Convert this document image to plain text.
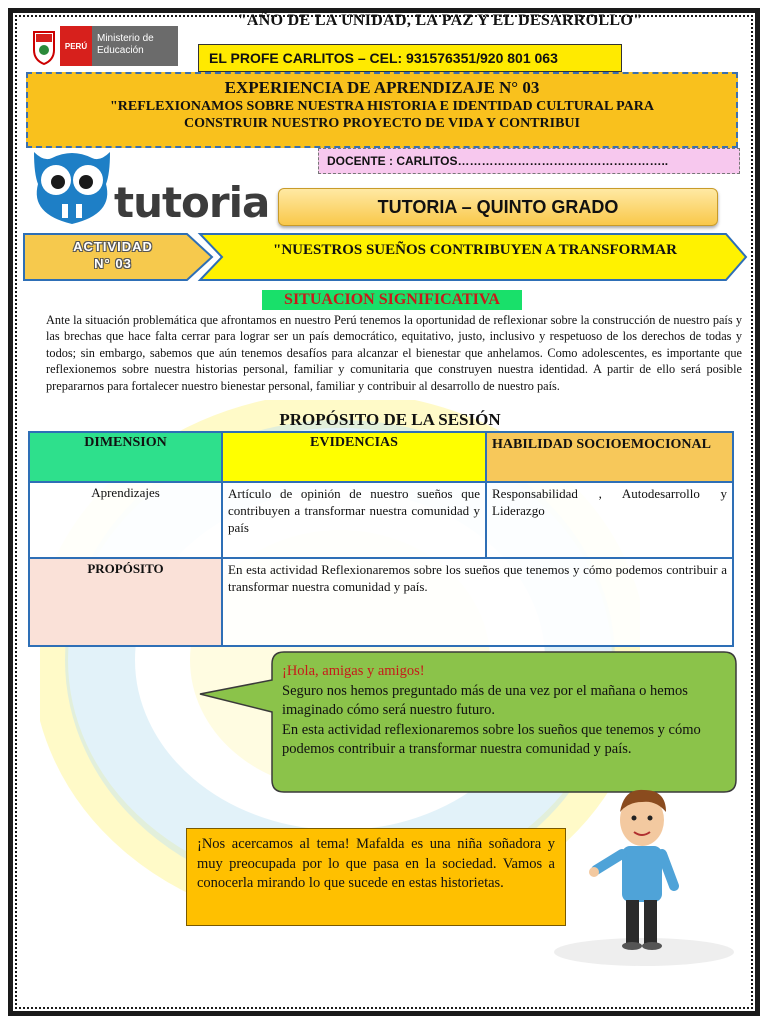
"AÑO DE LA UNIDAD, LA PAZ Y EL DESARROLLO"
PERÚ
Ministerio de Educación	EL PROFE CARLITOS – CEL: 931576351/920 801 063
EXPERIENCIA DE APRENDIZAJE N° 03
"REFLEXIONAMOS SOBRE NUESTRA HISTORIA E IDENTIDAD CULTURAL PARA
CONSTRUIR NUESTRO PROYECTO DE VIDA Y CONTRIBUI
DOCENTE : CARLITOS……………………………………………..
tutoria	TUTORIA – QUINTO GRADO
ACTIVIDAD
N° 03
"NUESTROS SUEÑOS CONTRIBUYEN A TRANSFORMAR
SITUACION SIGNIFICATIVA
Ante la situación problemática que afrontamos en nuestro Perú tenemos la oportunidad de reflexionar sobre la construcción de nuestro país y las brechas que hace falta cerrar para lograr ser un país democrático, equitativo, justo, inclusivo y respetuoso de los derechos de todas y todos; sin embargo, sabemos que aún tenemos desafíos para alcanzar el bienestar que anhelamos. Como adolescentes, es importante que reflexionemos sobre nuestra historias personal, familiar y comunitaria que construyen nuestra identidad. A partir de ello será posible prepararnos para fortalecer nuestro bienestar personal, familiar y contribuir al desarrollo de nuestro país.
PROPÓSITO DE LA SESIÓN
DIMENSION	EVIDENCIAS	HABILIDAD SOCIOEMOCIONAL
Aprendizajes	Artículo de opinión de nuestro sueños que contribuyen a transformar nuestra comunidad y país	Responsabilidad , Autodesarrollo y Liderazgo
PROPÓSITO	En esta actividad Reflexionaremos sobre los sueños que tenemos y cómo podemos contribuir a transformar nuestra comunidad y país.	
¡Hola, amigas y amigos!
Seguro nos hemos preguntado más de una vez por el mañana o hemos imaginado cómo será nuestro futuro.
En esta actividad reflexionaremos sobre los sueños que tenemos y cómo podemos contribuir a transformar nuestra comunidad y país.
¡Nos acercamos al tema! Mafalda es una niña soñadora y muy preocupada por lo que pasa en la sociedad. Vamos a conocerla mirando lo que sucede en estas historietas.
